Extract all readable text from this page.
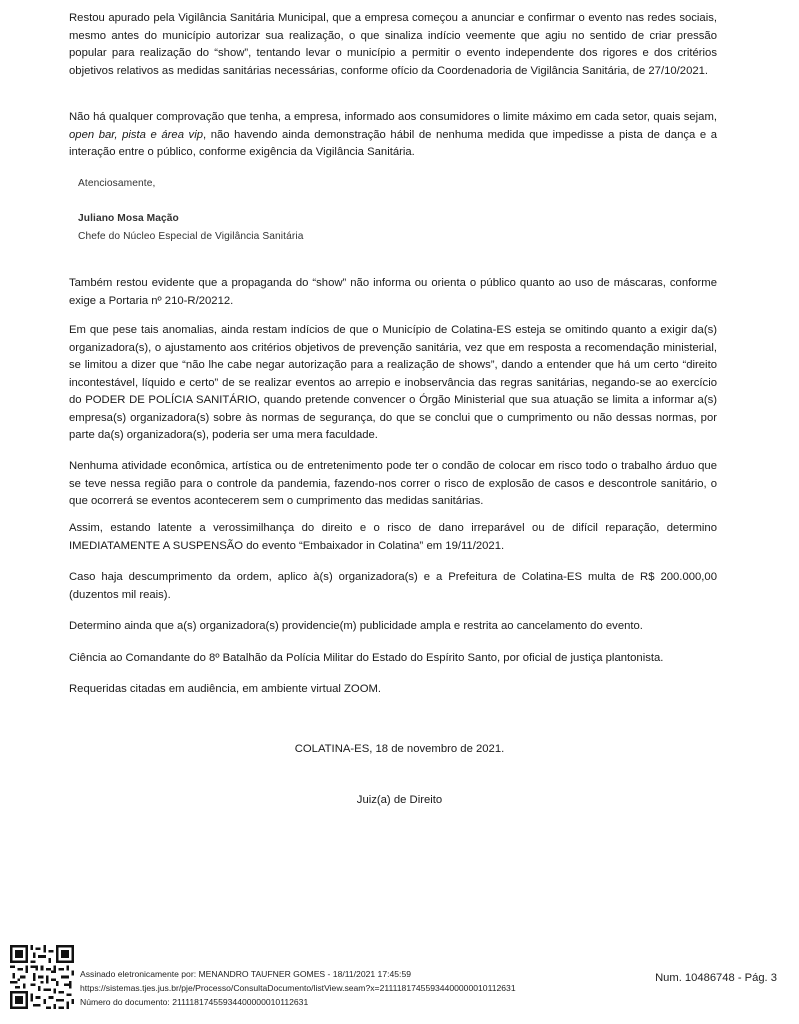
Restou apurado pela Vigilância Sanitária Municipal, que a empresa começou a anunciar e confirmar o evento nas redes sociais, mesmo antes do município autorizar sua realização, o que sinaliza indício veemente que agiu no sentido de criar pressão popular para realização do “show”, tentando levar o município a permitir o evento independente dos rigores e dos critérios objetivos relativos as medidas sanitárias necessárias, conforme ofício da Coordenadoria de Vigilância Sanitária, de 27/10/2021.

Não há qualquer comprovação que tenha, a empresa, informado aos consumidores o limite máximo em cada setor, quais sejam, open bar, pista e área vip, não havendo ainda demonstração hábil de nenhuma medida que impedisse a pista de dança e a interação entre o público, conforme exigência da Vigilância Sanitária.

Atenciosamente,
Juliano Mosa Mação
Chefe do Núcleo Especial de Vigilância Sanitária

Também restou evidente que a propaganda do “show” não informa ou orienta o público quanto ao uso de máscaras, conforme exige a Portaria nº 210-R/20212.

Em que pese tais anomalias, ainda restam indícios de que o Município de Colatina-ES esteja se omitindo quanto a exigir da(s) organizadora(s), o ajustamento aos critérios objetivos de prevenção sanitária, vez que em resposta a recomendação ministerial, se limitou a dizer que “não lhe cabe negar autorização para a realização de shows”, dando a entender que há um certo “direito incontestável, líquido e certo” de se realizar eventos ao arrepio e inobservância das regras sanitárias, negando-se ao exercício do PODER DE POLÍCIA SANITÁRIO, quando pretende convencer o Órgão Ministerial que sua atuação se limita a informar a(s) empresa(s) organizadora(s) sobre às normas de segurança, do que se conclui que o cumprimento ou não dessas normas, por parte da(s) organizadora(s), poderia ser uma mera faculdade.

Nenhuma atividade econômica, artística ou de entretenimento pode ter o condão de colocar em risco todo o trabalho árduo que se teve nessa região para o controle da pandemia, fazendo-nos correr o risco de explosão de casos e descontrole sanitário, o que ocorrerá se eventos acontecerem sem o cumprimento das medidas sanitárias.

Assim, estando latente a verossimilhança do direito e o risco de dano irreparável ou de difícil reparação, determino IMEDIATAMENTE A SUSPENSÃO do evento “Embaixador in Colatina” em 19/11/2021.

Caso haja descumprimento da ordem, aplico à(s) organizadora(s) e a Prefeitura de Colatina-ES multa de R$ 200.000,00 (duzentos mil reais).

Determino ainda que a(s) organizadora(s) providencie(m) publicidade ampla e restrita ao cancelamento do evento.

Ciência ao Comandante do 8º Batalhão da Polícia Militar do Estado do Espírito Santo, por oficial de justiça plantonista.

Requeridas citadas em audiência, em ambiente virtual ZOOM.

COLATINA-ES, 18 de novembro de 2021.
Juiz(a) de Direito
Assinado eletronicamente por: MENANDRO TAUFNER GOMES - 18/11/2021 17:45:59
https://sistemas.tjes.jus.br/pje/Processo/ConsultaDocumento/listView.seam?x=21111817455934400000010112631
Número do documento: 21111817455934400000010112631
Num. 10486748 - Pág. 3
